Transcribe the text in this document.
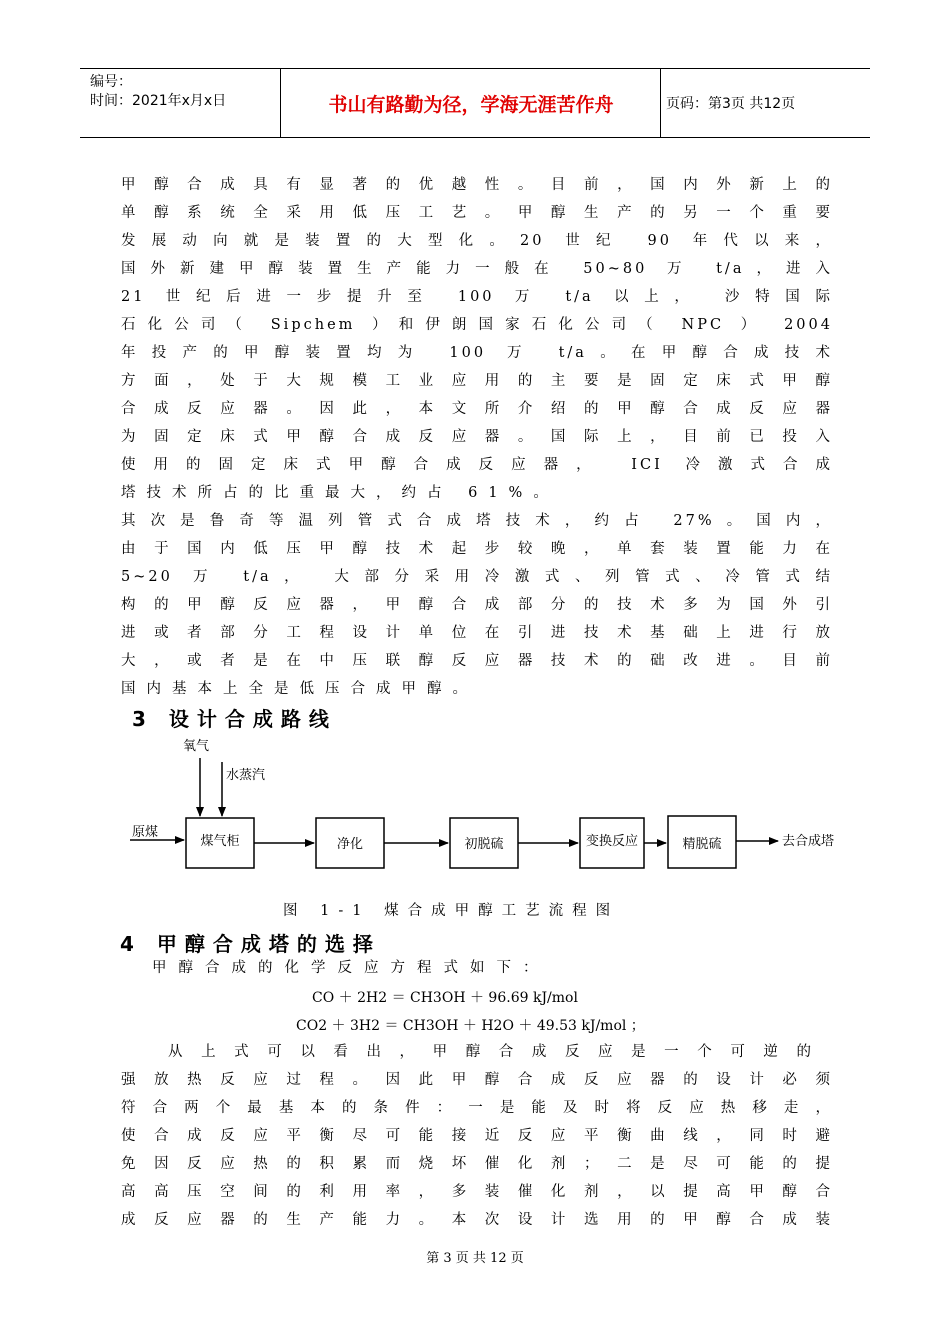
编号：
时间：2021年x月x日	书山有路勤为径，学海无涯苦作舟	页码：第3页 共12页
甲醇合成具有显著的优越性。目前，国内外新上的
单醇系统全采用低压工艺。甲醇生产的另一个重要
发展动向就是装置的大型化。20 世纪 90 年代以来，
国外新建甲醇装置生产能力一般在 50~80 万 t/a，进入
21 世纪后进一步提升至 100 万 t/a 以上， 沙特国际
石化公司（ Sipchem ）和伊朗国家石化公司（ NPC ） 2004
年投产的甲醇装置均为 100 万 t/a。在甲醇合成技术
方面，处于大规模工业应用的主要是固定床式甲醇
合成反应器。因此，本文所介绍的甲醇合成反应器
为固定床式甲醇合成反应器。国际上，目前已投入
使用的固定床式甲醇合成反应器， ICI 冷激式合成
塔技术所占的比重最大，约占 61%。
其次是鲁奇等温列管式合成塔技术，约占 27%。国内，
由于国内低压甲醇技术起步较晚，单套装置能力在
5~20 万 t/a， 大部分采用冷激式、列管式、冷管式结
构的甲醇反应器，甲醇合成部分的技术多为国外引
进或者部分工程设计单位在引进技术基础上进行放
大，或者是在中压联醇反应器技术的础改进。目前
国内基本上全是低压合成甲醇。
3 设计合成路线
氧气
水蒸汽
原煤
煤气柜	净化	初脱硫	变换反应	精脱硫	去合成塔
图 1-1 煤合成甲醇工艺流程图
4 甲醇合成塔的选择
甲醇合成的化学反应方程式如下：
CO ＋ 2H2 ＝ CH3OH ＋ 96.69 kJ/mol
CO2 ＋ 3H2 ＝ CH3OH ＋ H2O ＋ 49.53 kJ/mol ；
从上式可以看出，甲醇合成反应是一个可逆的
强放热反应过程。因此甲醇合成反应器的设计必须
符合两个最基本的条件：一是能及时将反应热移走，
使合成反应平衡尽可能接近反应平衡曲线，同时避
免因反应热的积累而烧坏催化剂；二是尽可能的提
高高压空间的利用率，多装催化剂，以提高甲醇合
成反应器的生产能力。本次设计选用的甲醇合成装
第 3 页 共 12 页
